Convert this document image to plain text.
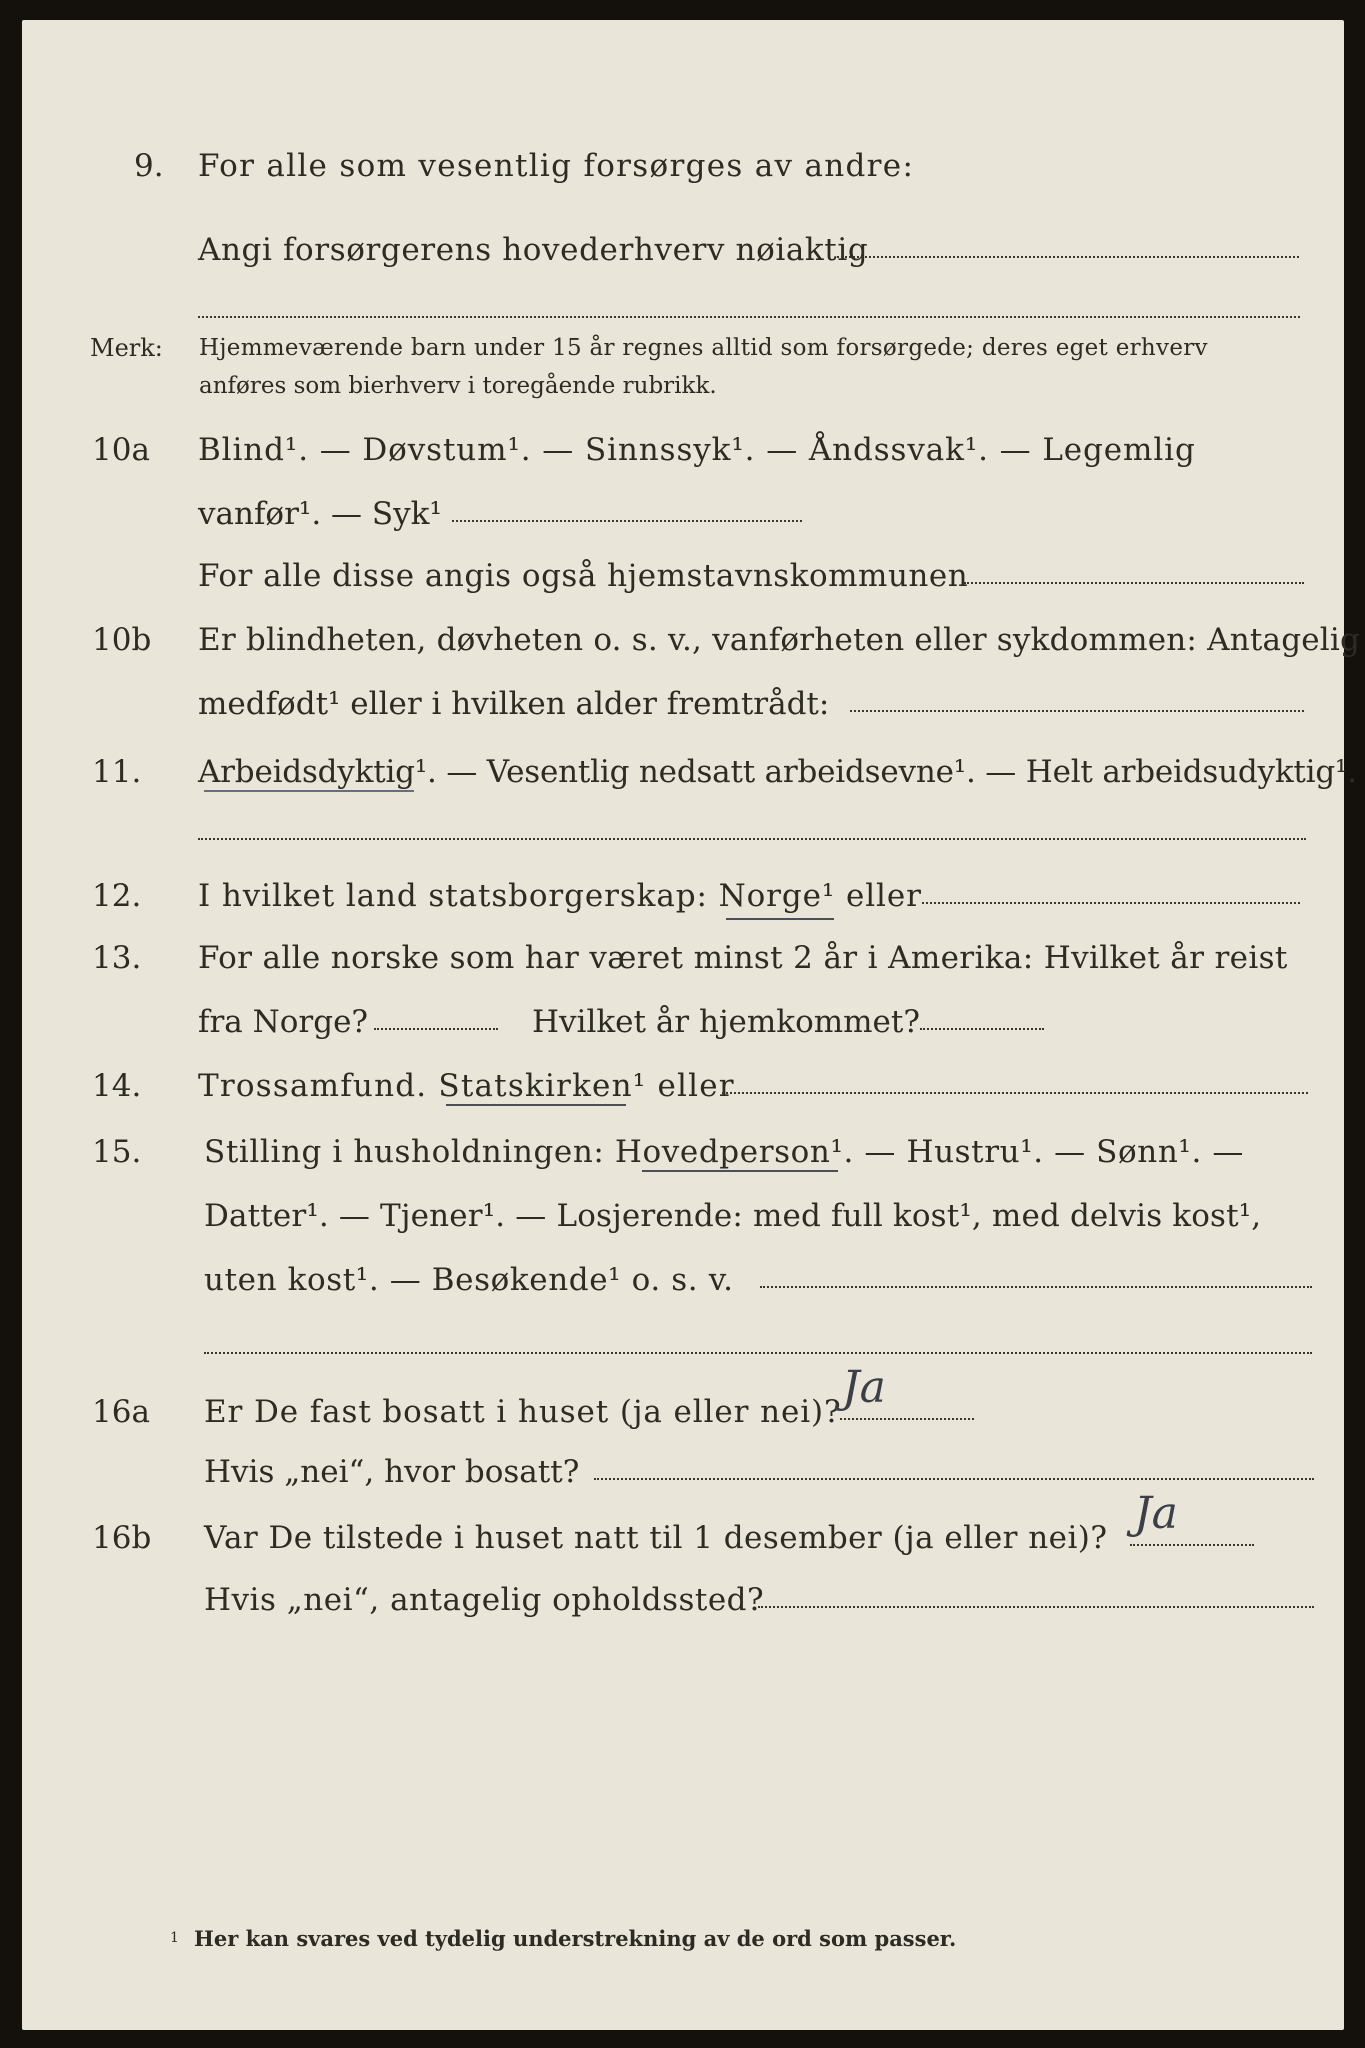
9. For alle som vesentlig forsørges av andre:
Angi forsørgerens hovederhverv nøiaktig
Merk: Hjemmeværende barn under 15 år regnes alltid som forsørgede; deres eget erhverv
anføres som bierhverv i toregående rubrikk.
10a Blind¹. — Døvstum¹. — Sinnssyk¹. — Åndssvak¹. — Legemlig
vanfør¹. — Syk¹
For alle disse angis også hjemstavnskommunen
10b Er blindheten, døvheten o. s. v., vanførheten eller sykdommen: Antagelig
medfødt¹ eller i hvilken alder fremtrådt:
11. Arbeidsdyktig¹. — Vesentlig nedsatt arbeidsevne¹. — Helt arbeidsudyktig¹.
12. I hvilket land statsborgerskap: Norge¹ eller
13. For alle norske som har været minst 2 år i Amerika: Hvilket år reist
fra Norge?	Hvilket år hjemkommet?
14. Trossamfund. Statskirken¹ eller
15. Stilling i husholdningen: Hovedperson¹. — Hustru¹. — Sønn¹. —
Datter¹. — Tjener¹. — Losjerende: med full kost¹, med delvis kost¹,
uten kost¹. — Besøkende¹ o. s. v.
16a Er De fast bosatt i huset (ja eller nei)? Ja
Hvis „nei“, hvor bosatt?
16b Var De tilstede i huset natt til 1 desember (ja eller nei)? Ja
Hvis „nei“, antagelig opholdssted?
1 Her kan svares ved tydelig understrekning av de ord som passer.
